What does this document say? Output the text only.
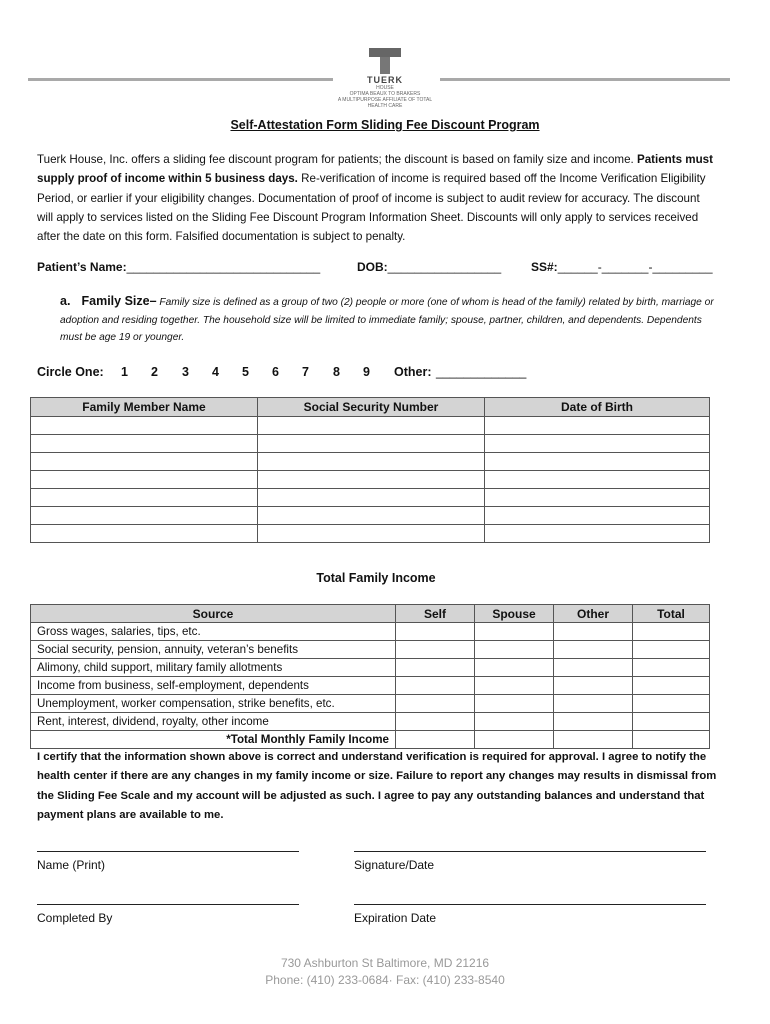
TUERK
HOUSE
OPTIMA BEAUX TO BRAKERS
A MULTIPURPOSE AFFILIATE OF TOTAL HEALTH CARE
Self-Attestation Form Sliding Fee Discount Program
Tuerk House, Inc. offers a sliding fee discount program for patients; the discount is based on family size and income. Patients must supply proof of income within 5 business days. Re-verification of income is required based off the Income Verification Eligibility Period, or earlier if your eligibility changes. Documentation of proof of income is subject to audit review for accuracy. The discount will apply to services listed on the Sliding Fee Discount Program Information Sheet. Discounts will only apply to services received after the date on this form. Falsified documentation is subject to penalty.
Patient’s Name:_____________________________	DOB:_________________ SS#:______-_______-_________
a. Family Size– Family size is defined as a group of two (2) people or more (one of whom is head of the family) related by birth, marriage or adoption and residing together. The household size will be limited to immediate family; spouse, partner, children, and dependents. Dependents must be age 19 or younger.
Circle One: 1 2 3 4 5 6 7 8 9 Other: _____________
Family Member Name	Social Security Number	Date of Birth

Total Family Income
Source	Self	Spouse	Other	Total
Gross wages, salaries, tips, etc.				
Social security, pension, annuity, veteran’s benefits				
Alimony, child support, military family allotments				
Income from business, self-employment, dependents				
Unemployment, worker compensation, strike benefits, etc.				
Rent, interest, dividend, royalty, other income				
*Total Monthly Family Income				
I certify that the information shown above is correct and understand verification is required for approval. I agree to notify the health center if there are any changes in my family income or size. Failure to report any changes may results in dismissal from the Sliding Fee Scale and my account will be adjusted as such. I agree to pay any outstanding balances and understand that payment plans are available to me.
Name (Print)	Signature/Date
Completed By	Expiration Date
730 Ashburton St Baltimore, MD 21216
Phone: (410) 233-0684· Fax: (410) 233-8540
